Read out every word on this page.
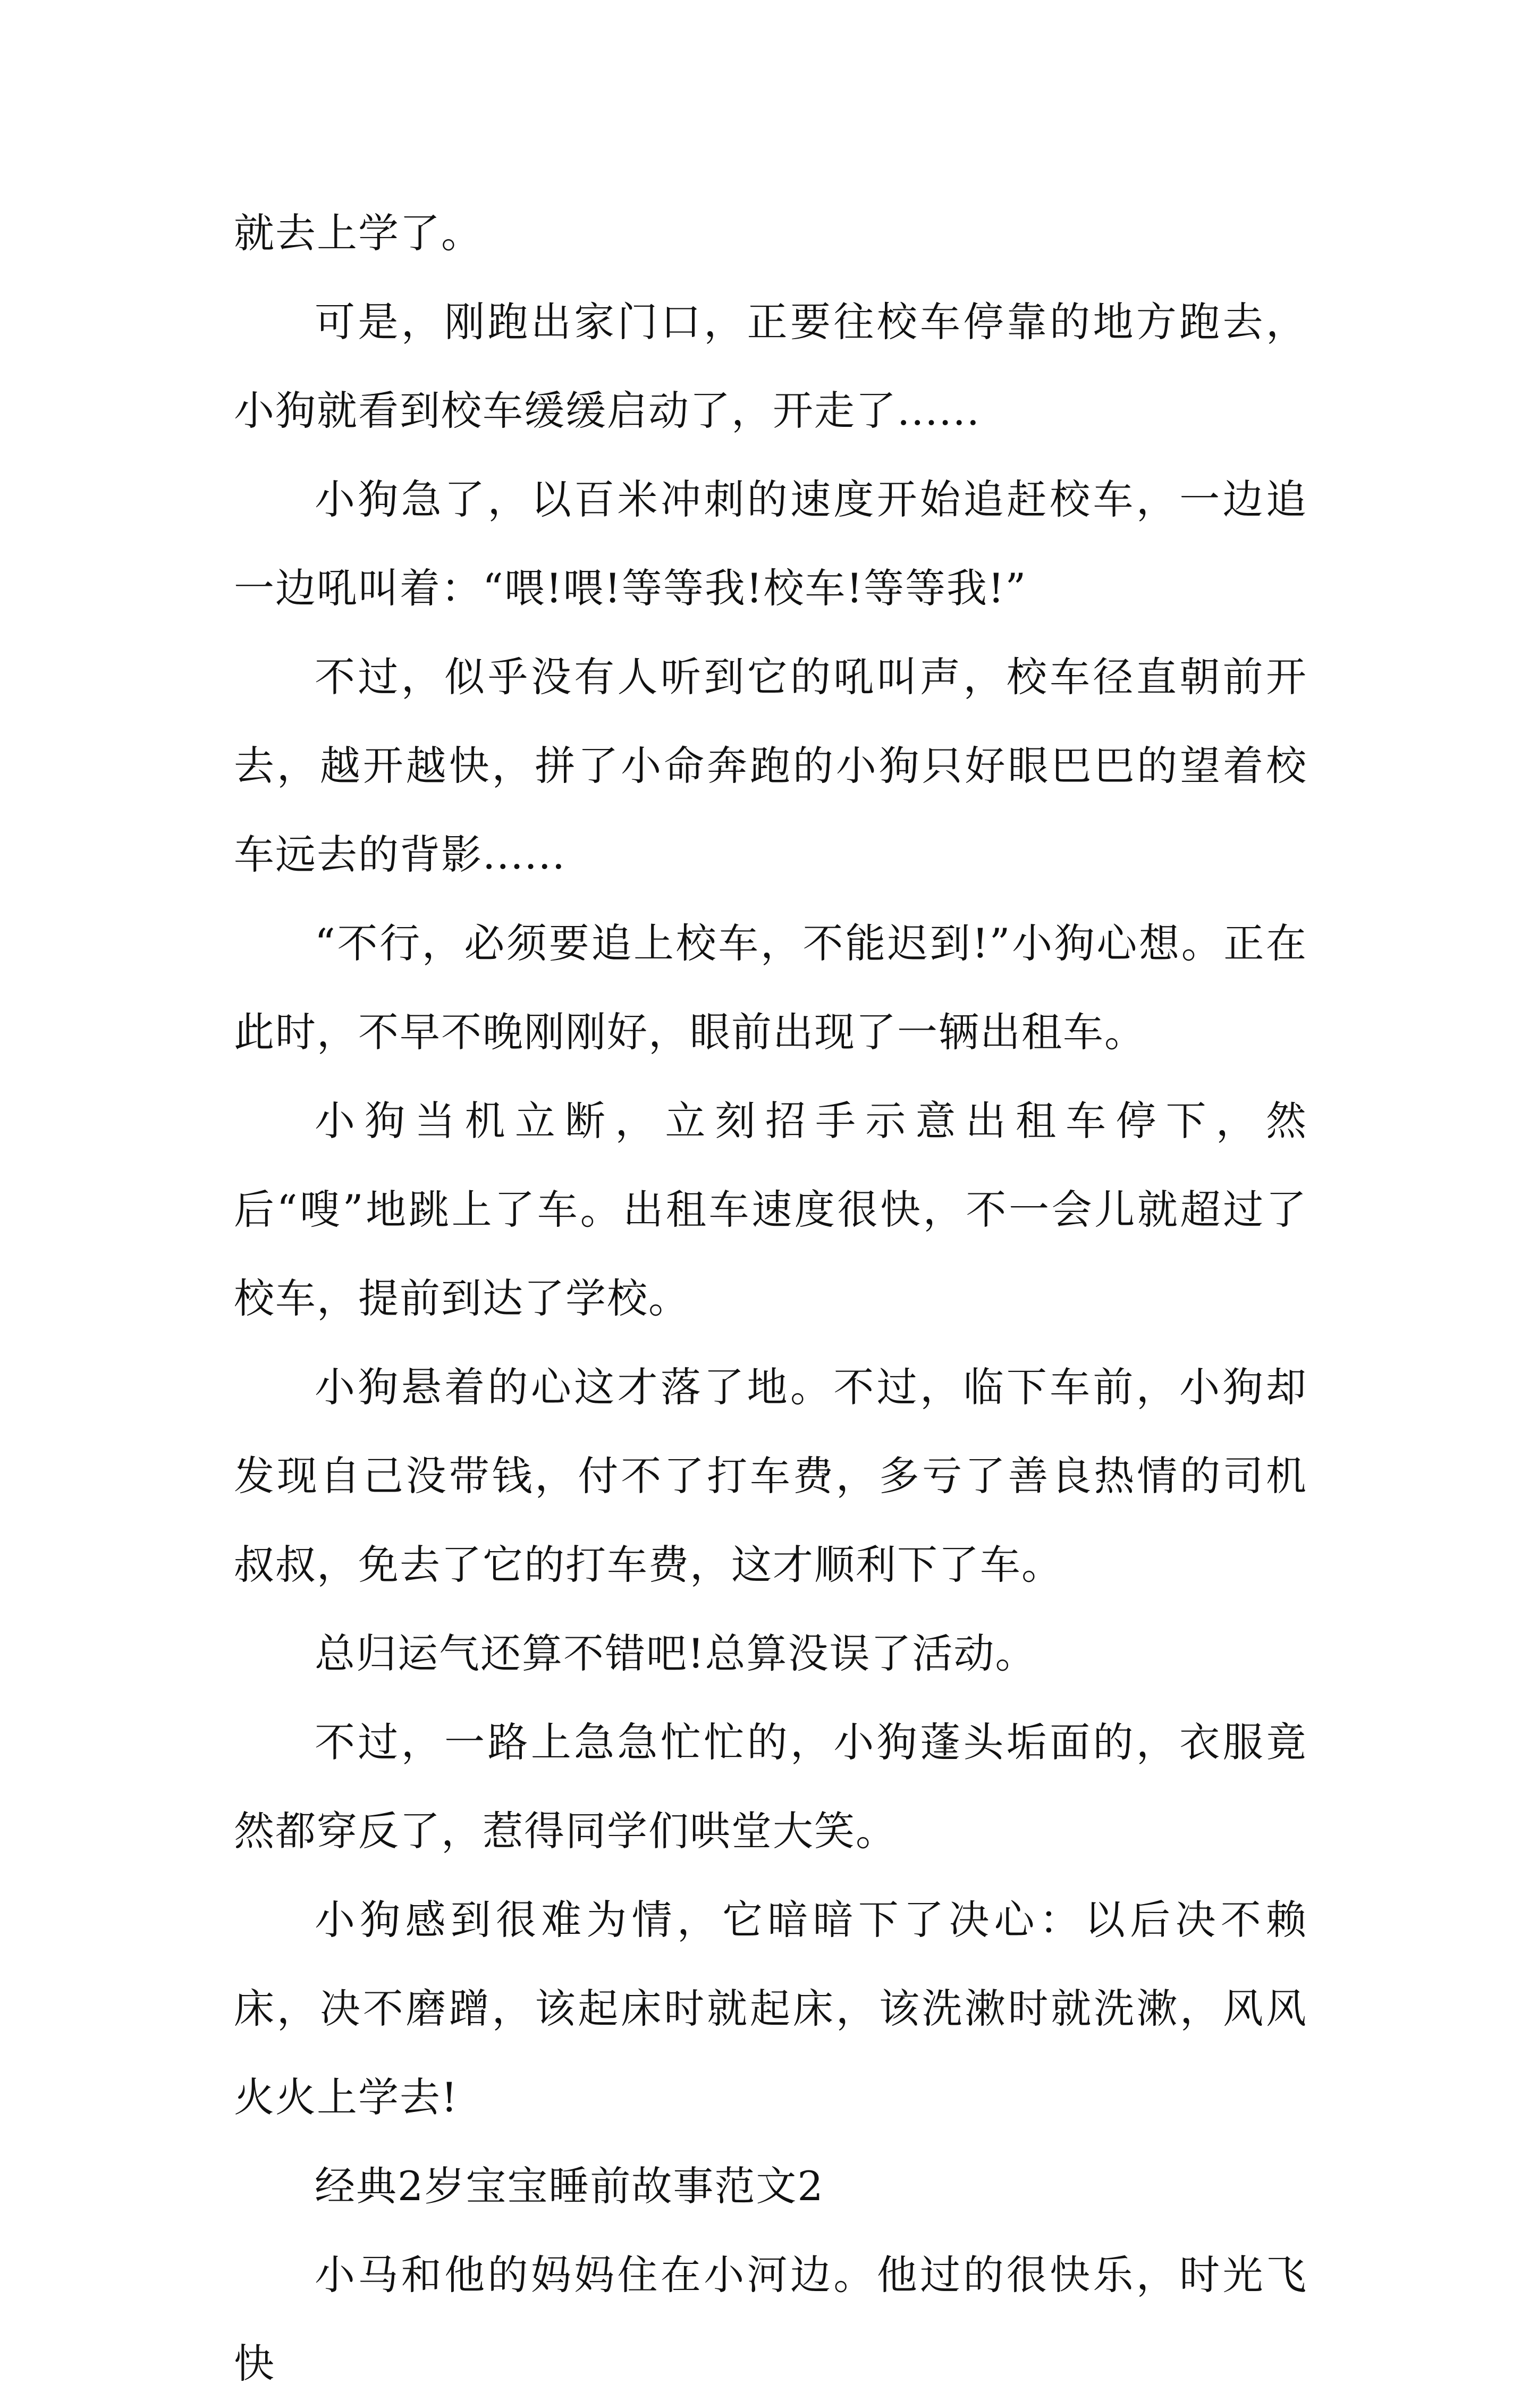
就去上学了。

可是，刚跑出家门口，正要往校车停靠的地方跑去，小狗就看到校车缓缓启动了，开走了......

小狗急了，以百米冲刺的速度开始追赶校车，一边追一边吼叫着：“喂!喂!等等我!校车!等等我!”

不过，似乎没有人听到它的吼叫声，校车径直朝前开去，越开越快，拼了小命奔跑的小狗只好眼巴巴的望着校车远去的背影......

“不行，必须要追上校车，不能迟到!”小狗心想。正在此时，不早不晚刚刚好，眼前出现了一辆出租车。

小狗当机立断，立刻招手示意出租车停下，然后“嗖”地跳上了车。出租车速度很快，不一会儿就超过了校车，提前到达了学校。

小狗悬着的心这才落了地。不过，临下车前，小狗却发现自己没带钱，付不了打车费，多亏了善良热情的司机叔叔，免去了它的打车费，这才顺利下了车。

总归运气还算不错吧!总算没误了活动。

不过，一路上急急忙忙的，小狗蓬头垢面的，衣服竟然都穿反了，惹得同学们哄堂大笑。

小狗感到很难为情，它暗暗下了决心：以后决不赖床，决不磨蹭，该起床时就起床，该洗漱时就洗漱，风风火火上学去!

经典2岁宝宝睡前故事范文2

小马和他的妈妈住在小河边。他过的很快乐，时光飞快
